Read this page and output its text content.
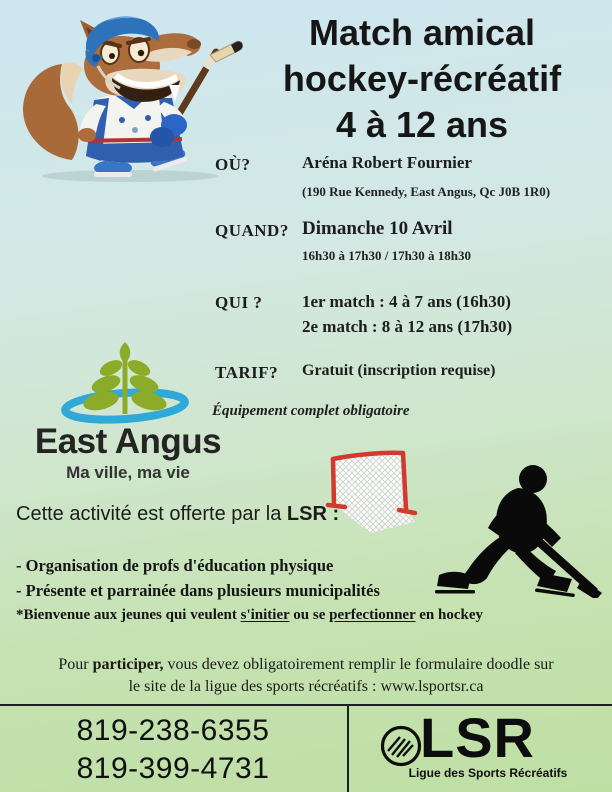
Match amical
hockey-récréatif
4 à 12 ans
OÙ?	Aréna Robert Fournier
(190 Rue Kennedy, East Angus, Qc J0B 1R0)
QUAND? Dimanche 10 Avril
16h30 à 17h30 / 17h30 à 18h30
QUI ? 1er match : 4 à 7 ans (16h30)
2e match : 8 à 12 ans (17h30)
TARIF? Gratuit (inscription requise)
Équipement complet obligatoire
East Angus
Ma ville, ma vie
Cette activité est offerte par la LSR :
- Organisation de profs d'éducation physique
- Présente et parrainée dans plusieurs municipalités
*Bienvenue aux jeunes qui veulent s'initier ou se perfectionner en hockey
Pour participer, vous devez obligatoirement remplir le formulaire doodle sur
le site de la ligue des sports récréatifs : www.lsportsr.ca
819-238-6355
819-399-4731	LSR
Ligue des Sports Récréatifs
